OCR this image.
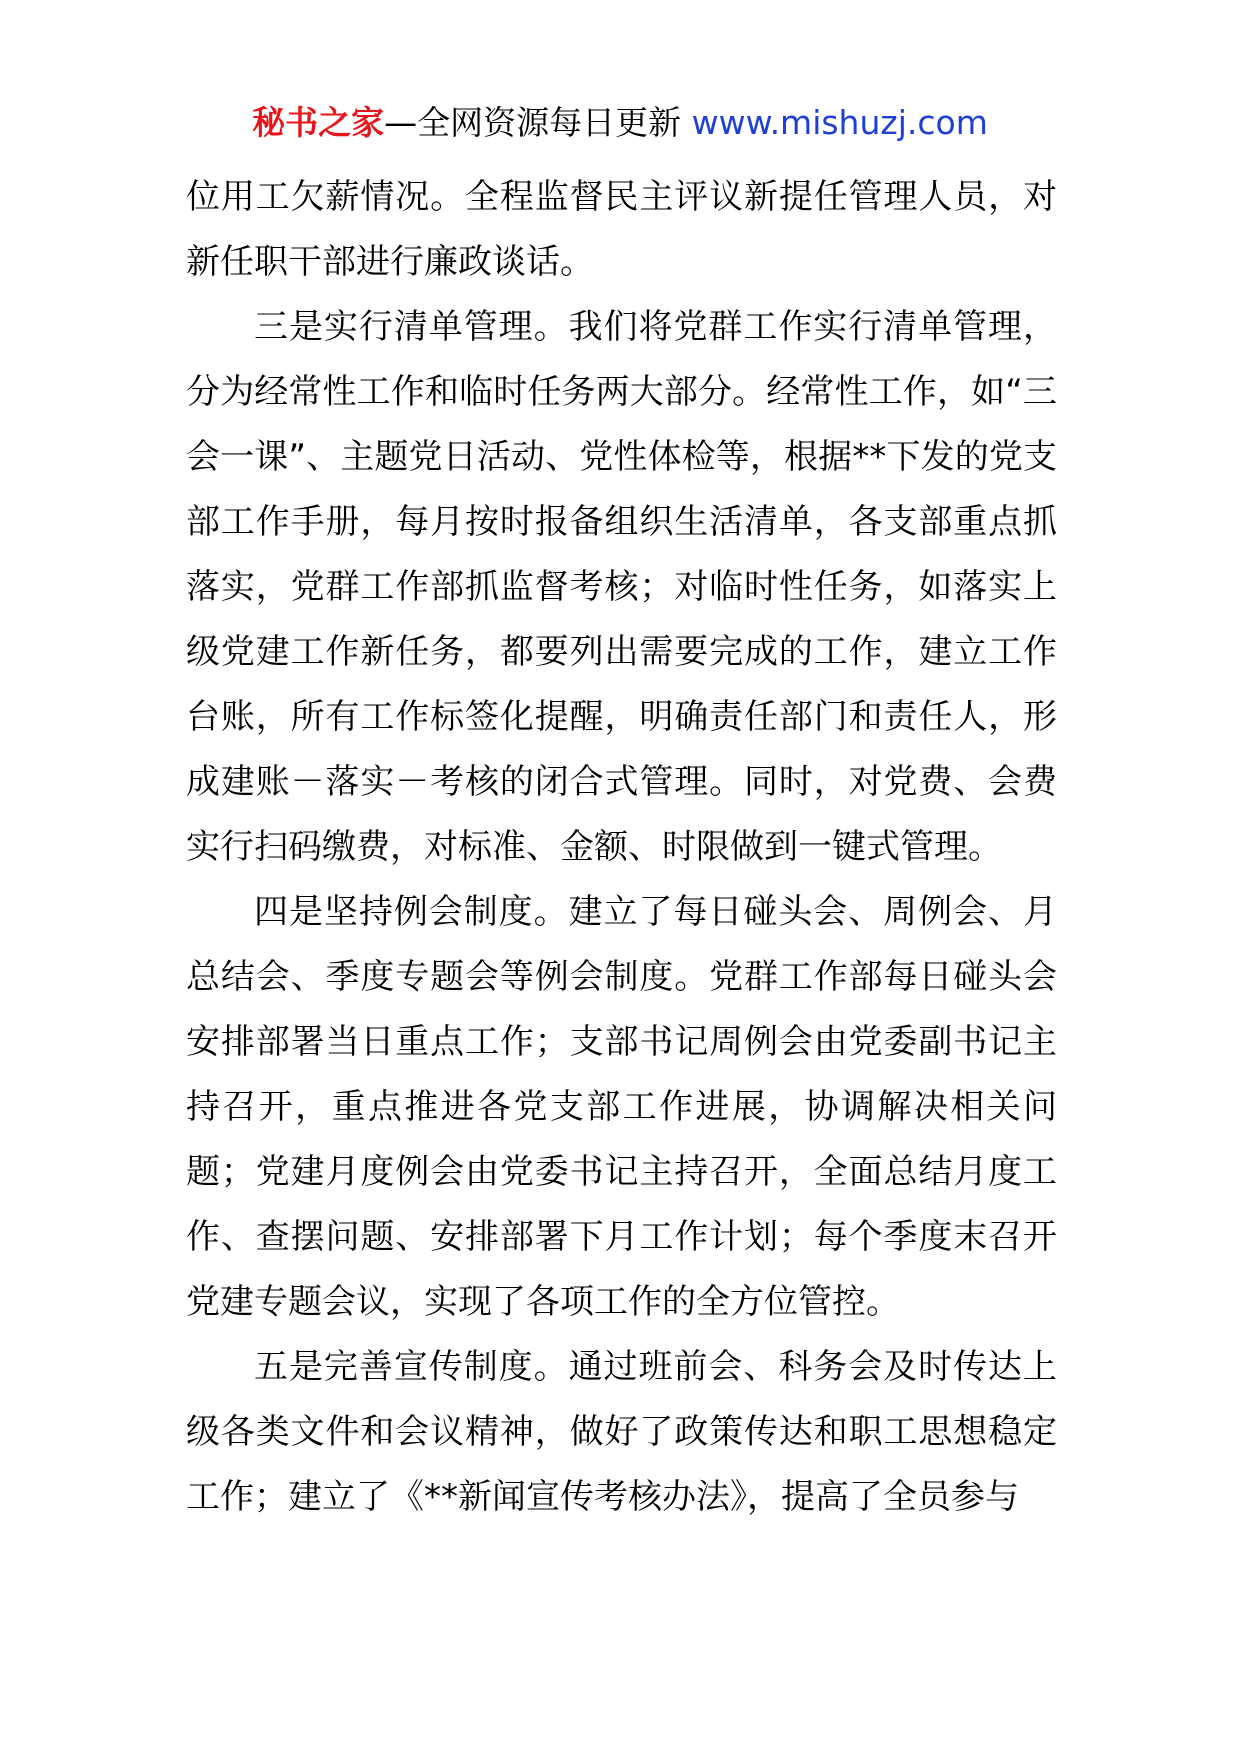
秘书之家—全网资源每日更新 www.mishuzj.com

位用工欠薪情况。全程监督民主评议新提任管理人员，对新任职干部进行廉政谈话。

三是实行清单管理。我们将党群工作实行清单管理，分为经常性工作和临时任务两大部分。经常性工作，如“三会一课”、主题党日活动、党性体检等，根据**下发的党支部工作手册，每月按时报备组织生活清单，各支部重点抓落实，党群工作部抓监督考核；对临时性任务，如落实上级党建工作新任务，都要列出需要完成的工作，建立工作台账，所有工作标签化提醒，明确责任部门和责任人，形成建账－落实－考核的闭合式管理。同时，对党费、会费实行扫码缴费，对标准、金额、时限做到一键式管理。

四是坚持例会制度。建立了每日碰头会、周例会、月总结会、季度专题会等例会制度。党群工作部每日碰头会安排部署当日重点工作；支部书记周例会由党委副书记主持召开，重点推进各党支部工作进展，协调解决相关问题；党建月度例会由党委书记主持召开，全面总结月度工作、查摆问题、安排部署下月工作计划；每个季度末召开党建专题会议，实现了各项工作的全方位管控。

五是完善宣传制度。通过班前会、科务会及时传达上级各类文件和会议精神，做好了政策传达和职工思想稳定工作；建立了《**新闻宣传考核办法》，提高了全员参与
